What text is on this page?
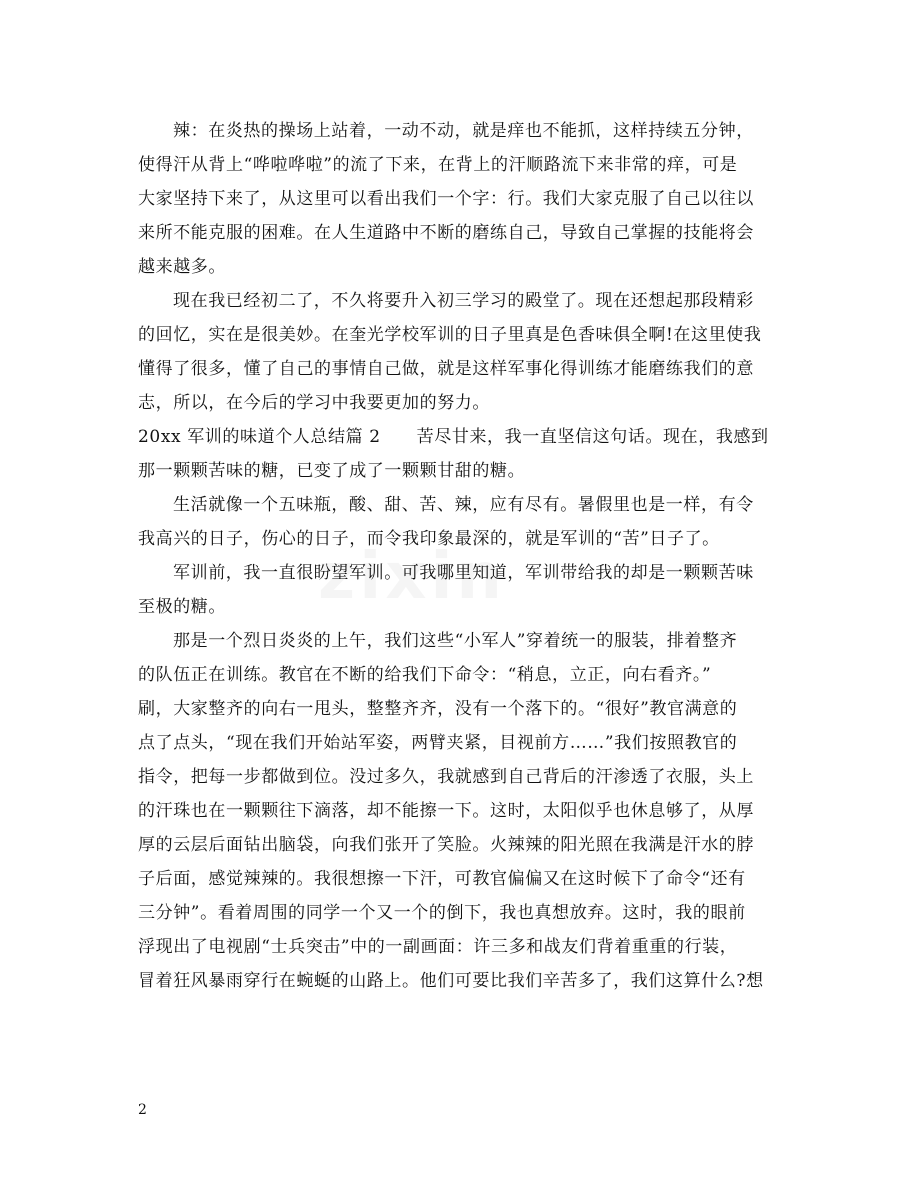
辣：在炎热的操场上站着，一动不动，就是痒也不能抓，这样持续五分钟，
使得汗从背上“哗啦哗啦”的流了下来，在背上的汗顺路流下来非常的痒，可是
大家坚持下来了，从这里可以看出我们一个字：行。我们大家克服了自己以往以
来所不能克服的困难。在人生道路中不断的磨练自己，导致自己掌握的技能将会
越来越多。

现在我已经初二了，不久将要升入初三学习的殿堂了。现在还想起那段精彩
的回忆，实在是很美妙。在奎光学校军训的日子里真是色香味俱全啊!在这里使我
懂得了很多，懂了自己的事情自己做，就是这样军事化得训练才能磨练我们的意
志，所以，在今后的学习中我要更加的努力。

20xx 军训的味道个人总结篇 2 苦尽甘来，我一直坚信这句话。现在，我感到
那一颗颗苦味的糖，已变了成了一颗颗甘甜的糖。

生活就像一个五味瓶，酸、甜、苦、辣，应有尽有。暑假里也是一样，有令
我高兴的日子，伤心的日子，而令我印象最深的，就是军训的“苦”日子了。

军训前，我一直很盼望军训。可我哪里知道，军训带给我的却是一颗颗苦味
至极的糖。

那是一个烈日炎炎的上午，我们这些“小军人”穿着统一的服装，排着整齐
的队伍正在训练。教官在不断的给我们下命令：“稍息，立正，向右看齐。”
刷，大家整齐的向右一甩头，整整齐齐，没有一个落下的。“很好”教官满意的
点了点头，“现在我们开始站军姿，两臂夹紧，目视前方……”我们按照教官的
指令，把每一步都做到位。没过多久，我就感到自己背后的汗渗透了衣服，头上
的汗珠也在一颗颗往下滴落，却不能擦一下。这时，太阳似乎也休息够了，从厚
厚的云层后面钻出脑袋，向我们张开了笑脸。火辣辣的阳光照在我满是汗水的脖
子后面，感觉辣辣的。我很想擦一下汗，可教官偏偏又在这时候下了命令“还有
三分钟”。看着周围的同学一个又一个的倒下，我也真想放弃。这时，我的眼前
浮现出了电视剧“士兵突击”中的一副画面：许三多和战友们背着重重的行装，
冒着狂风暴雨穿行在蜿蜒的山路上。他们可要比我们辛苦多了，我们这算什么?想

2
